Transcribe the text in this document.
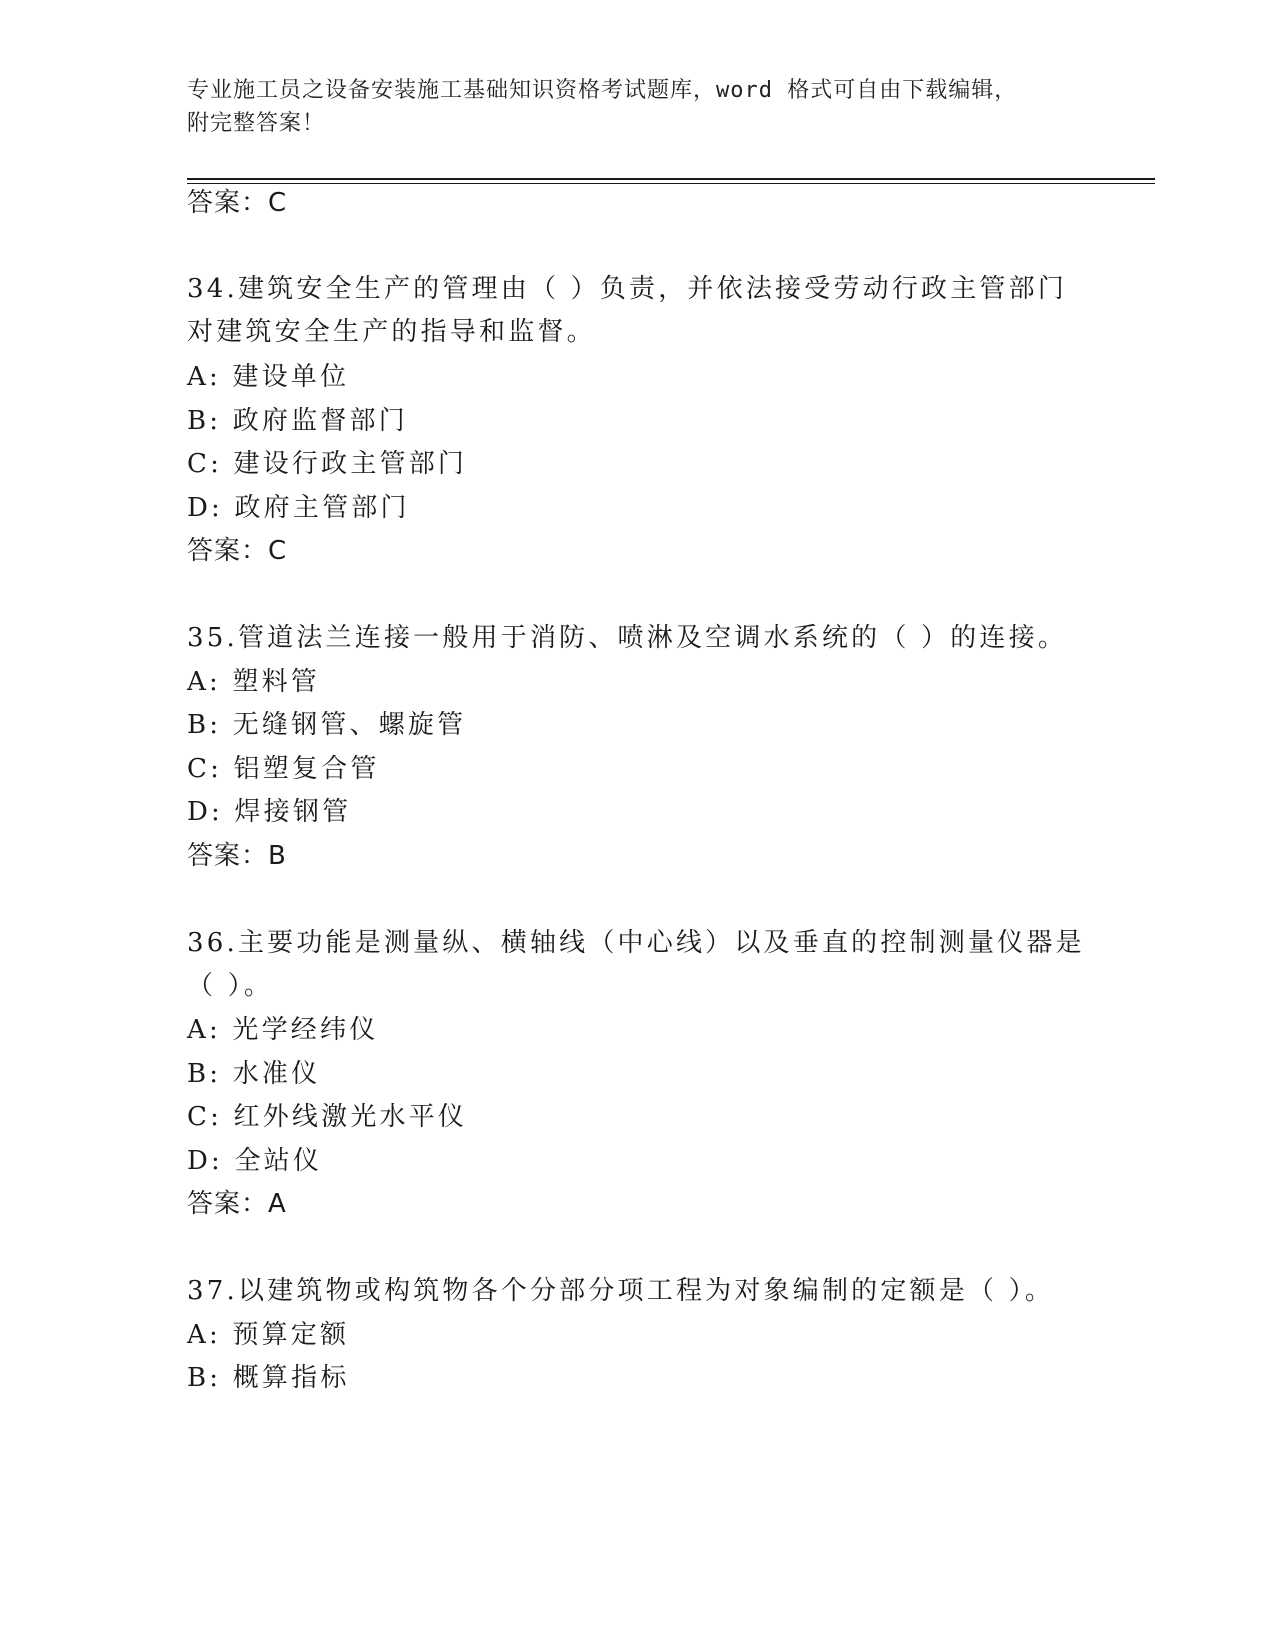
专业施工员之设备安装施工基础知识资格考试题库，word 格式可自由下载编辑，
附完整答案！
答案：C
34.建筑安全生产的管理由（ ）负责，并依法接受劳动行政主管部门
对建筑安全生产的指导和监督。
A: 建设单位
B: 政府监督部门
C: 建设行政主管部门
D: 政府主管部门
答案：C
35.管道法兰连接一般用于消防、喷淋及空调水系统的（ ）的连接。
A: 塑料管
B: 无缝钢管、螺旋管
C: 铝塑复合管
D: 焊接钢管
答案：B
36.主要功能是测量纵、横轴线（中心线）以及垂直的控制测量仪器是
（ ）。
A: 光学经纬仪
B: 水准仪
C: 红外线激光水平仪
D: 全站仪
答案：A
37.以建筑物或构筑物各个分部分项工程为对象编制的定额是（ ）。
A: 预算定额
B: 概算指标
